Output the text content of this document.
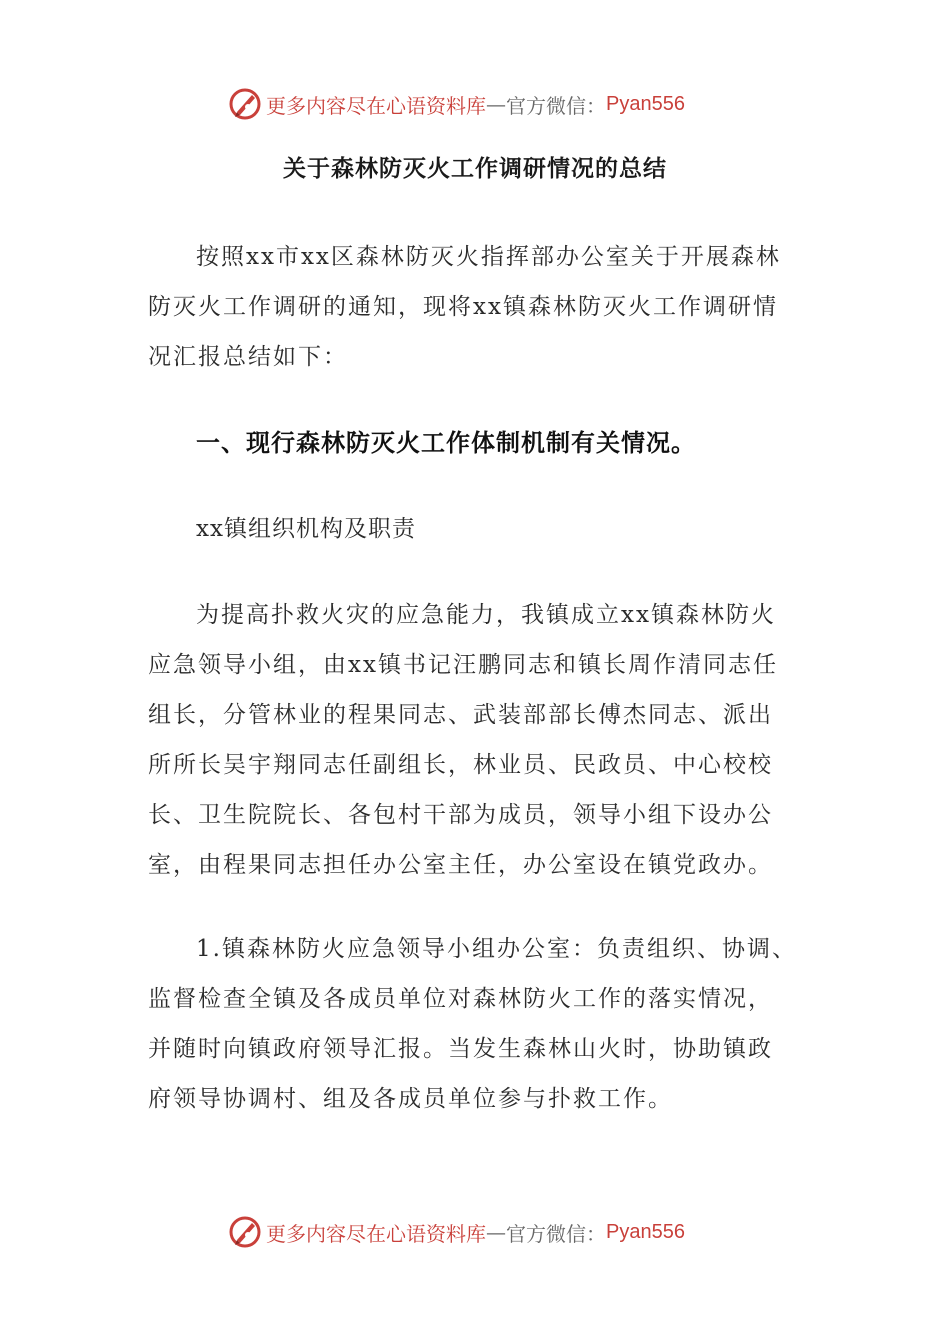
更多内容尽在心语资料库 — 官方微信： Pyan556
关于森林防灭火工作调研情况的总结

按照xx市xx区森林防灭火指挥部办公室关于开展森林
防灭火工作调研的通知，现将xx镇森林防灭火工作调研情
况汇报总结如下：

一、现行森林防灭火工作体制机制有关情况。

xx镇组织机构及职责

为提高扑救火灾的应急能力，我镇成立xx镇森林防火
应急领导小组，由xx镇书记汪鹏同志和镇长周作清同志任
组长，分管林业的程果同志、武装部部长傅杰同志、派出
所所长吴宇翔同志任副组长，林业员、民政员、中心校校
长、卫生院院长、各包村干部为成员，领导小组下设办公
室，由程果同志担任办公室主任，办公室设在镇党政办。

1.镇森林防火应急领导小组办公室：负责组织、协调、
监督检查全镇及各成员单位对森林防火工作的落实情况，
并随时向镇政府领导汇报。当发生森林山火时，协助镇政
府领导协调村、组及各成员单位参与扑救工作。

更多内容尽在心语资料库 — 官方微信： Pyan556
